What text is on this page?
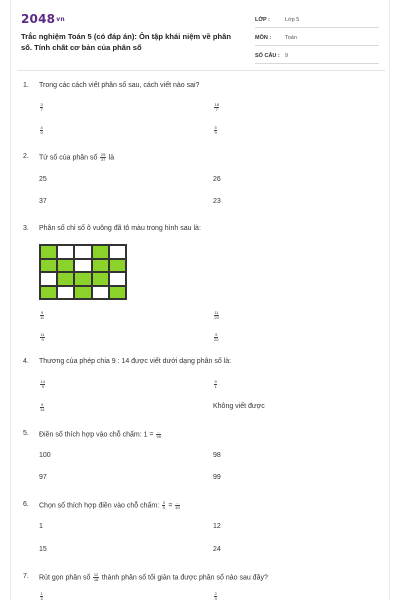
2048vn
Trắc nghiệm Toán 5 (có đáp án): Ôn tập khái niệm về phân số. Tính chất cơ bản của phân số
LỚP :	Lớp 5
MÔN :	Toán
SỐ CÂU : 9
1. Trong các cách viết phân số sau, cách viết nào sai?
$\frac{3}{7}$	$\frac{18}{7}$
$\frac{4}{0}$	$\frac{5}{9}$
2. Tử số của phân số $\frac{25}{37}$ là
25	26
37	23
3. Phân số chỉ số ô vuông đã tô màu trong hình sau là:
$\frac{9}{11}$	$\frac{11}{20}$
$\frac{11}{9}$	$\frac{9}{20}$
4. Thương của phép chia 9 : 14 được viết dưới dạng phân số là:
$\frac{14}{9}$	$\frac{9}{1}$
$\frac{9}{14}$	Không viết được
5. Điền số thích hợp vào chỗ chấm: $1 = \frac{...}{99}$
100	98
97	99
6. Chọn số thích hợp điền vào chỗ chấm: $\frac{3}{5} = \frac{...}{40}$
1	12
15	24
7. Rút gọn phân số $\frac{12}{18}$ thành phân số tối giản ta được phân số nào sau đây?
$\frac{1}{3}$	$\frac{2}{3}$
